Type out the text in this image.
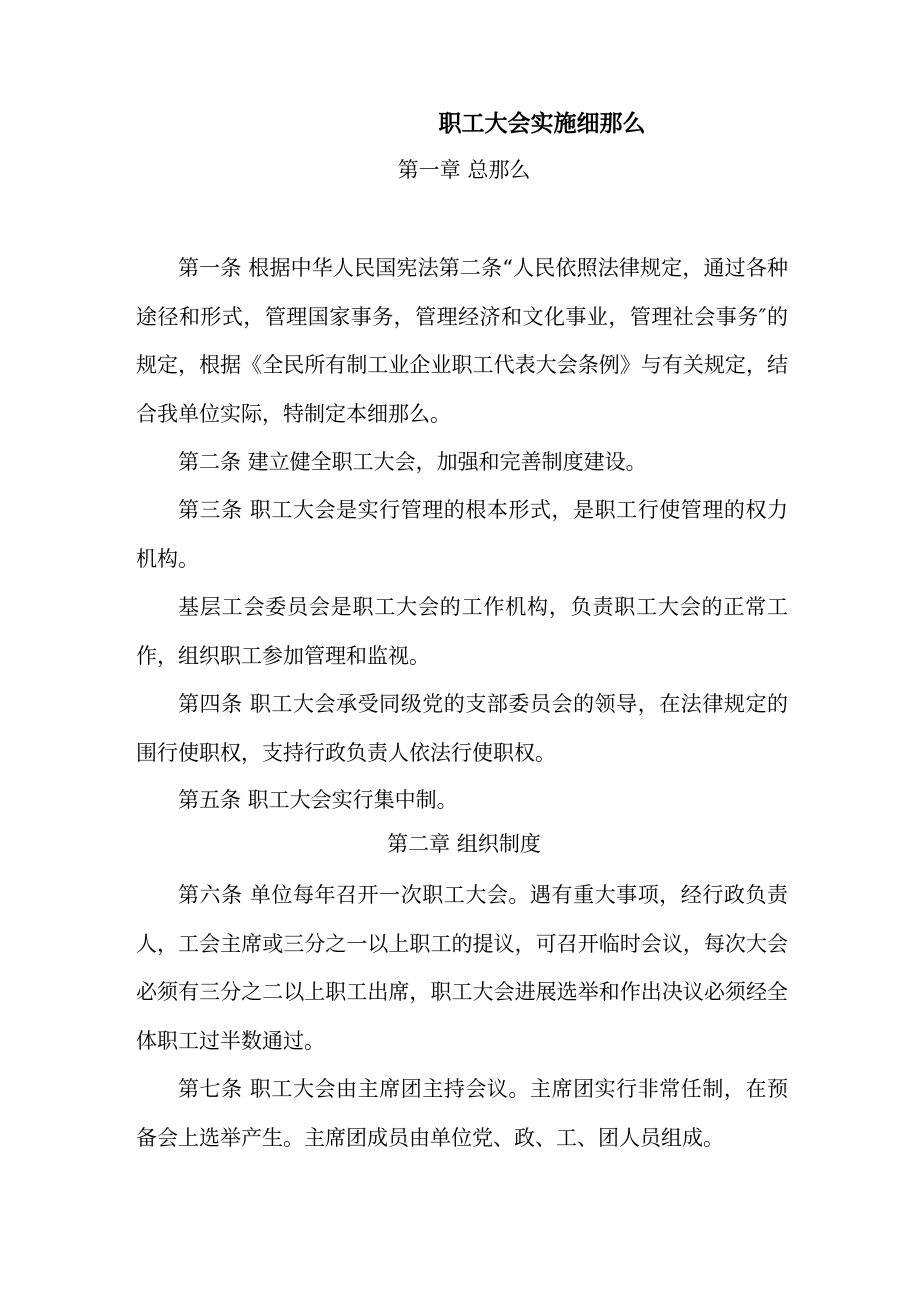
职工大会实施细那么
第一章 总那么

第一条 根据中华人民国宪法第二条“人民依照法律规定，通过各种途径和形式，管理国家事务，管理经济和文化事业，管理社会事务″的规定，根据《全民所有制工业企业职工代表大会条例》与有关规定，结合我单位实际，特制定本细那么。

第二条 建立健全职工大会，加强和完善制度建设。

第三条 职工大会是实行管理的根本形式，是职工行使管理的权力机构。

基层工会委员会是职工大会的工作机构，负责职工大会的正常工作，组织职工参加管理和监视。

第四条 职工大会承受同级党的支部委员会的领导，在法律规定的围行使职权，支持行政负责人依法行使职权。

第五条 职工大会实行集中制。

第二章 组织制度

第六条 单位每年召开一次职工大会。遇有重大事项，经行政负责人，工会主席或三分之一以上职工的提议，可召开临时会议，每次大会必须有三分之二以上职工出席，职工大会进展选举和作出决议必须经全体职工过半数通过。

第七条 职工大会由主席团主持会议。主席团实行非常任制，在预备会上选举产生。主席团成员由单位党、政、工、团人员组成。
